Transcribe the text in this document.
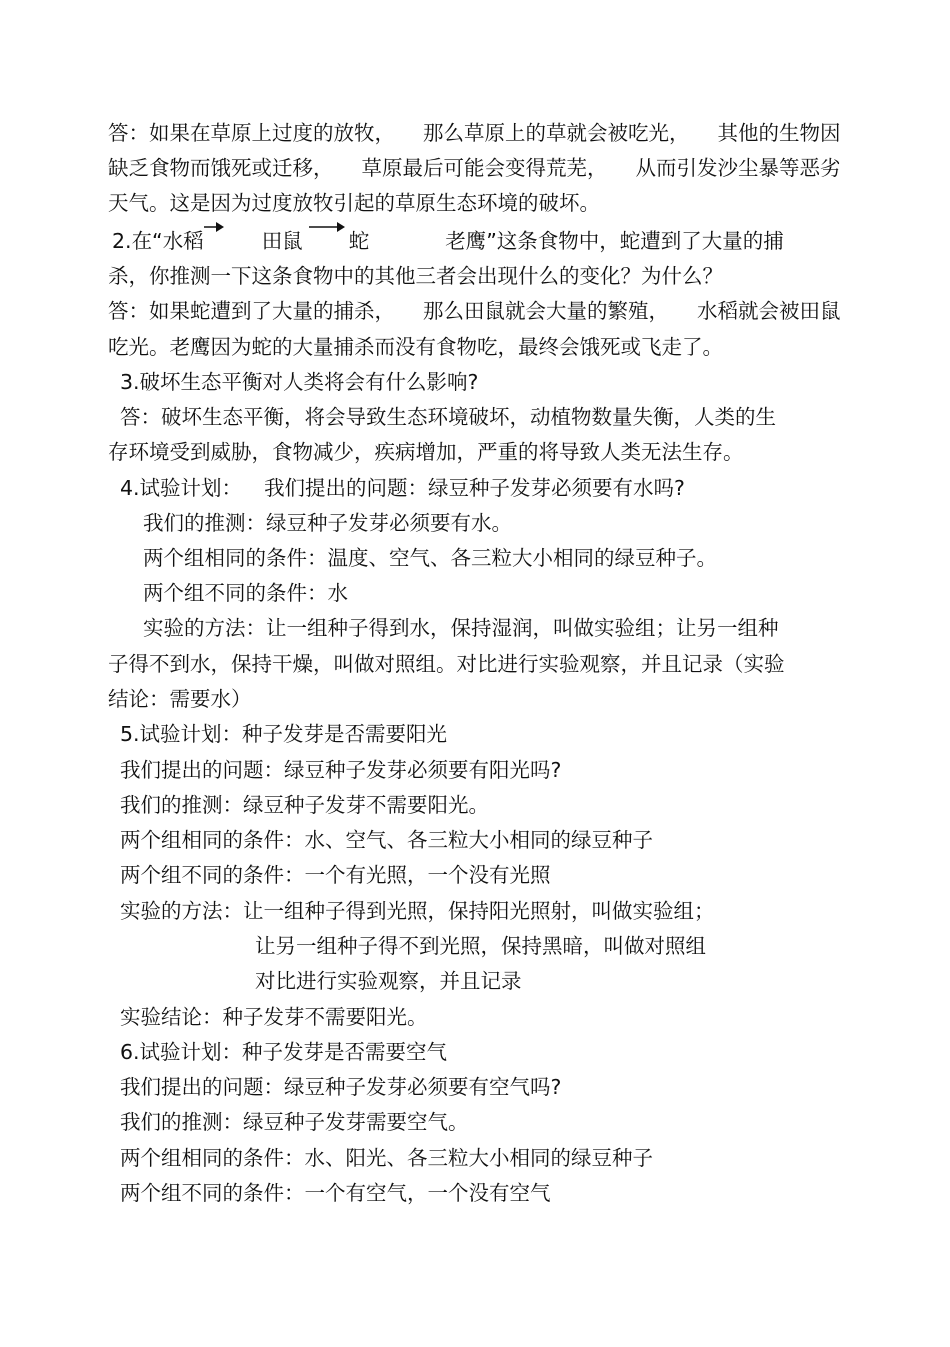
答：如果在草原上过度的放牧， 那么草原上的草就会被吃光， 其他的生物因
缺乏食物而饿死或迁移， 草原最后可能会变得荒芜， 从而引发沙尘暴等恶劣
天气。这是因为过度放牧引起的草原生态环境的破坏。
2.在“水稻	田鼠 蛇	老鹰”这条食物中，蛇遭到了大量的捕
杀，你推测一下这条食物中的其他三者会出现什么的变化？为什么？
答：如果蛇遭到了大量的捕杀， 那么田鼠就会大量的繁殖， 水稻就会被田鼠
吃光。老鹰因为蛇的大量捕杀而没有食物吃，最终会饿死或飞走了。
3.破坏生态平衡对人类将会有什么影响?
答：破坏生态平衡，将会导致生态环境破坏，动植物数量失衡，人类的生
存环境受到威胁，食物减少，疾病增加，严重的将导致人类无法生存。
4.试验计划： 我们提出的问题：绿豆种子发芽必须要有水吗?
我们的推测：绿豆种子发芽必须要有水。
两个组相同的条件：温度、空气、各三粒大小相同的绿豆种子。
两个组不同的条件：水
实验的方法：让一组种子得到水，保持湿润，叫做实验组；让另一组种
子得不到水，保持干燥，叫做对照组。对比进行实验观察，并且记录（实验
结论：需要水）
5.试验计划：种子发芽是否需要阳光
我们提出的问题：绿豆种子发芽必须要有阳光吗?
我们的推测：绿豆种子发芽不需要阳光。
两个组相同的条件：水、空气、各三粒大小相同的绿豆种子
两个组不同的条件：一个有光照，一个没有光照
实验的方法：让一组种子得到光照，保持阳光照射，叫做实验组；
让另一组种子得不到光照，保持黑暗，叫做对照组
对比进行实验观察，并且记录
实验结论：种子发芽不需要阳光。
6.试验计划：种子发芽是否需要空气
我们提出的问题：绿豆种子发芽必须要有空气吗?
我们的推测：绿豆种子发芽需要空气。
两个组相同的条件：水、阳光、各三粒大小相同的绿豆种子
两个组不同的条件：一个有空气，一个没有空气
